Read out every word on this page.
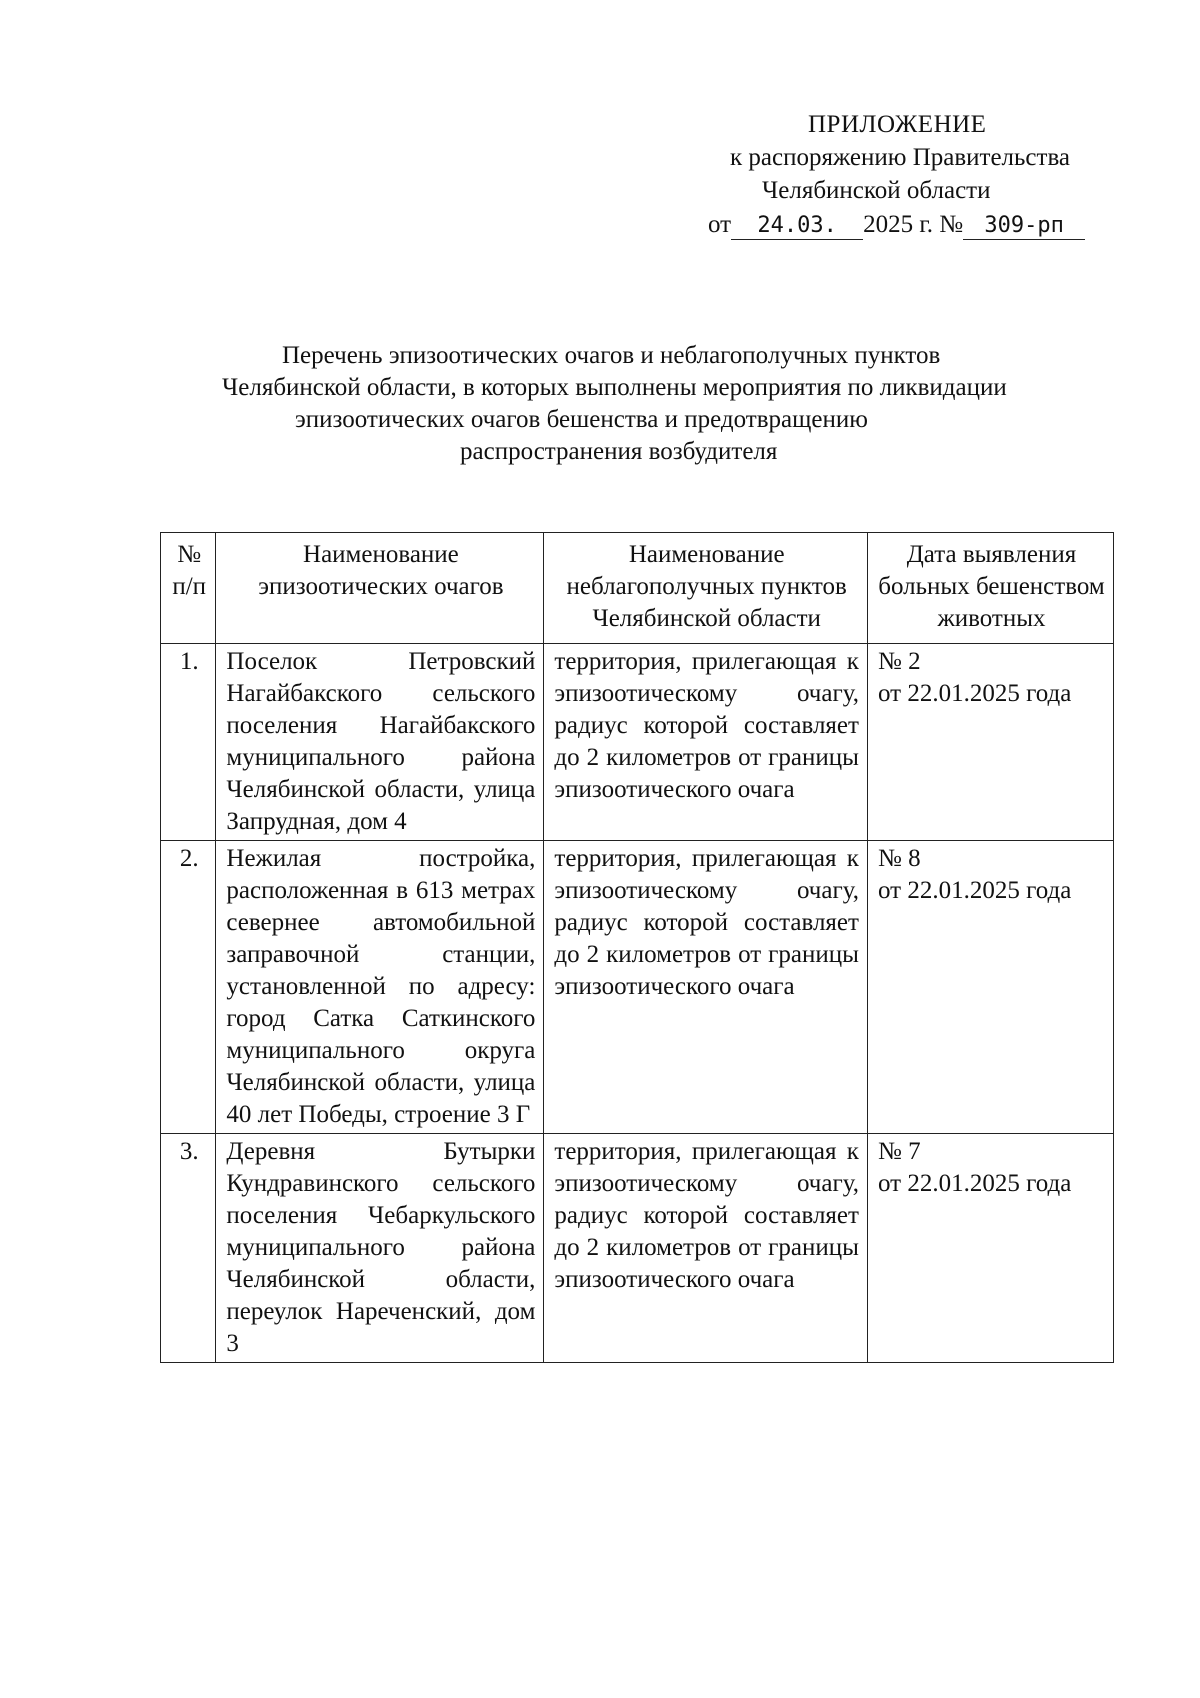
ПРИЛОЖЕНИЕ
к распоряжению Правительства
Челябинской области
от 24.03. 2025 г. № 309-рп
Перечень эпизоотических очагов и неблагополучных пунктов
Челябинской области, в которых выполнены мероприятия по ликвидации
эпизоотических очагов бешенства и предотвращению
распространения возбудителя
№ п/п	Наименование эпизоотических очагов	Наименование неблагополучных пунктов Челябинской области	Дата выявления больных бешенством животных
1.	Поселок Петровский Нагайбакского сельского поселения Нагайбакского муниципального района Челябинской области, улица Запрудная, дом 4	территория, прилегающая к эпизоотическому очагу, радиус которой составляет до 2 километров от границы эпизоотического очага	№ 2
от 22.01.2025 года

2.	Нежилая постройка, расположенная в 613 метрах севернее автомобильной заправочной станции, установленной по адресу: город Сатка Саткинского муниципального округа Челябинской области, улица 40 лет Победы, строение 3 Г	территория, прилегающая к эпизоотическому очагу, радиус которой составляет до 2 километров от границы эпизоотического очага	№ 8
от 22.01.2025 года

3.	Деревня Бутырки Кундравинского сельского поселения Чебаркульского муниципального района Челябинской области, переулок Нареченский, дом 3	территория, прилегающая к эпизоотическому очагу, радиус которой составляет до 2 километров от границы эпизоотического очага	№ 7
от 22.01.2025 года
